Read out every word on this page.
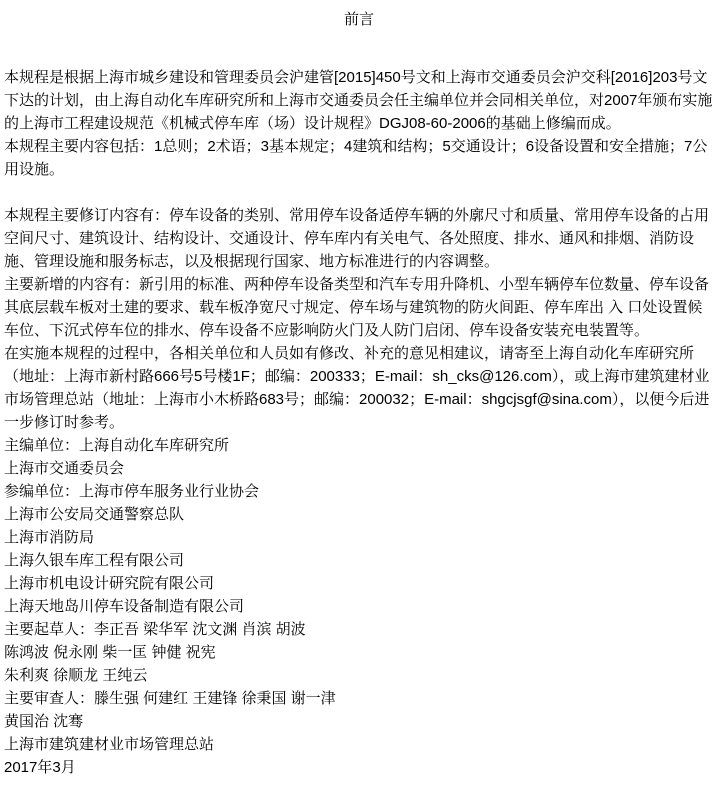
前言

本规程是根据上海市城乡建设和管理委员会沪建管[2015]450号文和上海市交通委员会沪交科[2016]203号文下达的计划，由上海自动化车库研究所和上海市交通委员会任主编单位并会同相关单位，对2007年颁布实施的上海市工程建设规范《机械式停车库（场）设计规程》DGJ08-60-2006的基础上修编而成。

本规程主要内容包括：1总则；2术语；3基本规定；4建筑和结构；5交通设计；6设备设置和安全措施；7公用设施。

本规程主要修订内容有：停车设备的类别、常用停车设备适停车辆的外廓尺寸和质量、常用停车设备的占用空间尺寸、建筑设计、结构设计、交通设计、停车库内有关电气、各处照度、排水、通风和排烟、消防设施、管理设施和服务标志，以及根据现行国家、地方标准进行的内容调整。

主要新增的内容有：新引用的标准、两种停车设备类型和汽车专用升降机、小型车辆停车位数量、停车设备其底层载车板对土建的要求、载车板净宽尺寸规定、停车场与建筑物的防火间距、停车库出 入 口处设置候车位、下沉式停车位的排水、停车设备不应影响防火门及人防门启闭、停车设备安装充电装置等。

在实施本规程的过程中，各相关单位和人员如有修改、补充的意见相建议，请寄至上海自动化车库研究所（地址：上海市新村路666号5号楼1F；邮编：200333；E-mail：sh_cks@126.com），或上海市建筑建材业市场管理总站（地址：上海市小木桥路683号；邮编：200032；E-mail：shgcjsgf@sina.com），以便今后进一步修订时参考。

主编单位：上海自动化车库研究所

上海市交通委员会

参编单位：上海市停车服务业行业协会

上海市公安局交通警察总队

上海市消防局

上海久银车库工程有限公司

上海市机电设计研究院有限公司

上海天地岛川停车设备制造有限公司

主要起草人：李正吾 梁华军 沈文渊 肖滨 胡波

陈鸿波 倪永刚 柴一匡 钟健 祝宪

朱利爽 徐顺龙 王纯云

主要审查人：滕生强 何建红 王建锋 徐秉国 谢一津

黄国治 沈骞

上海市建筑建材业市场管理总站

2017年3月
